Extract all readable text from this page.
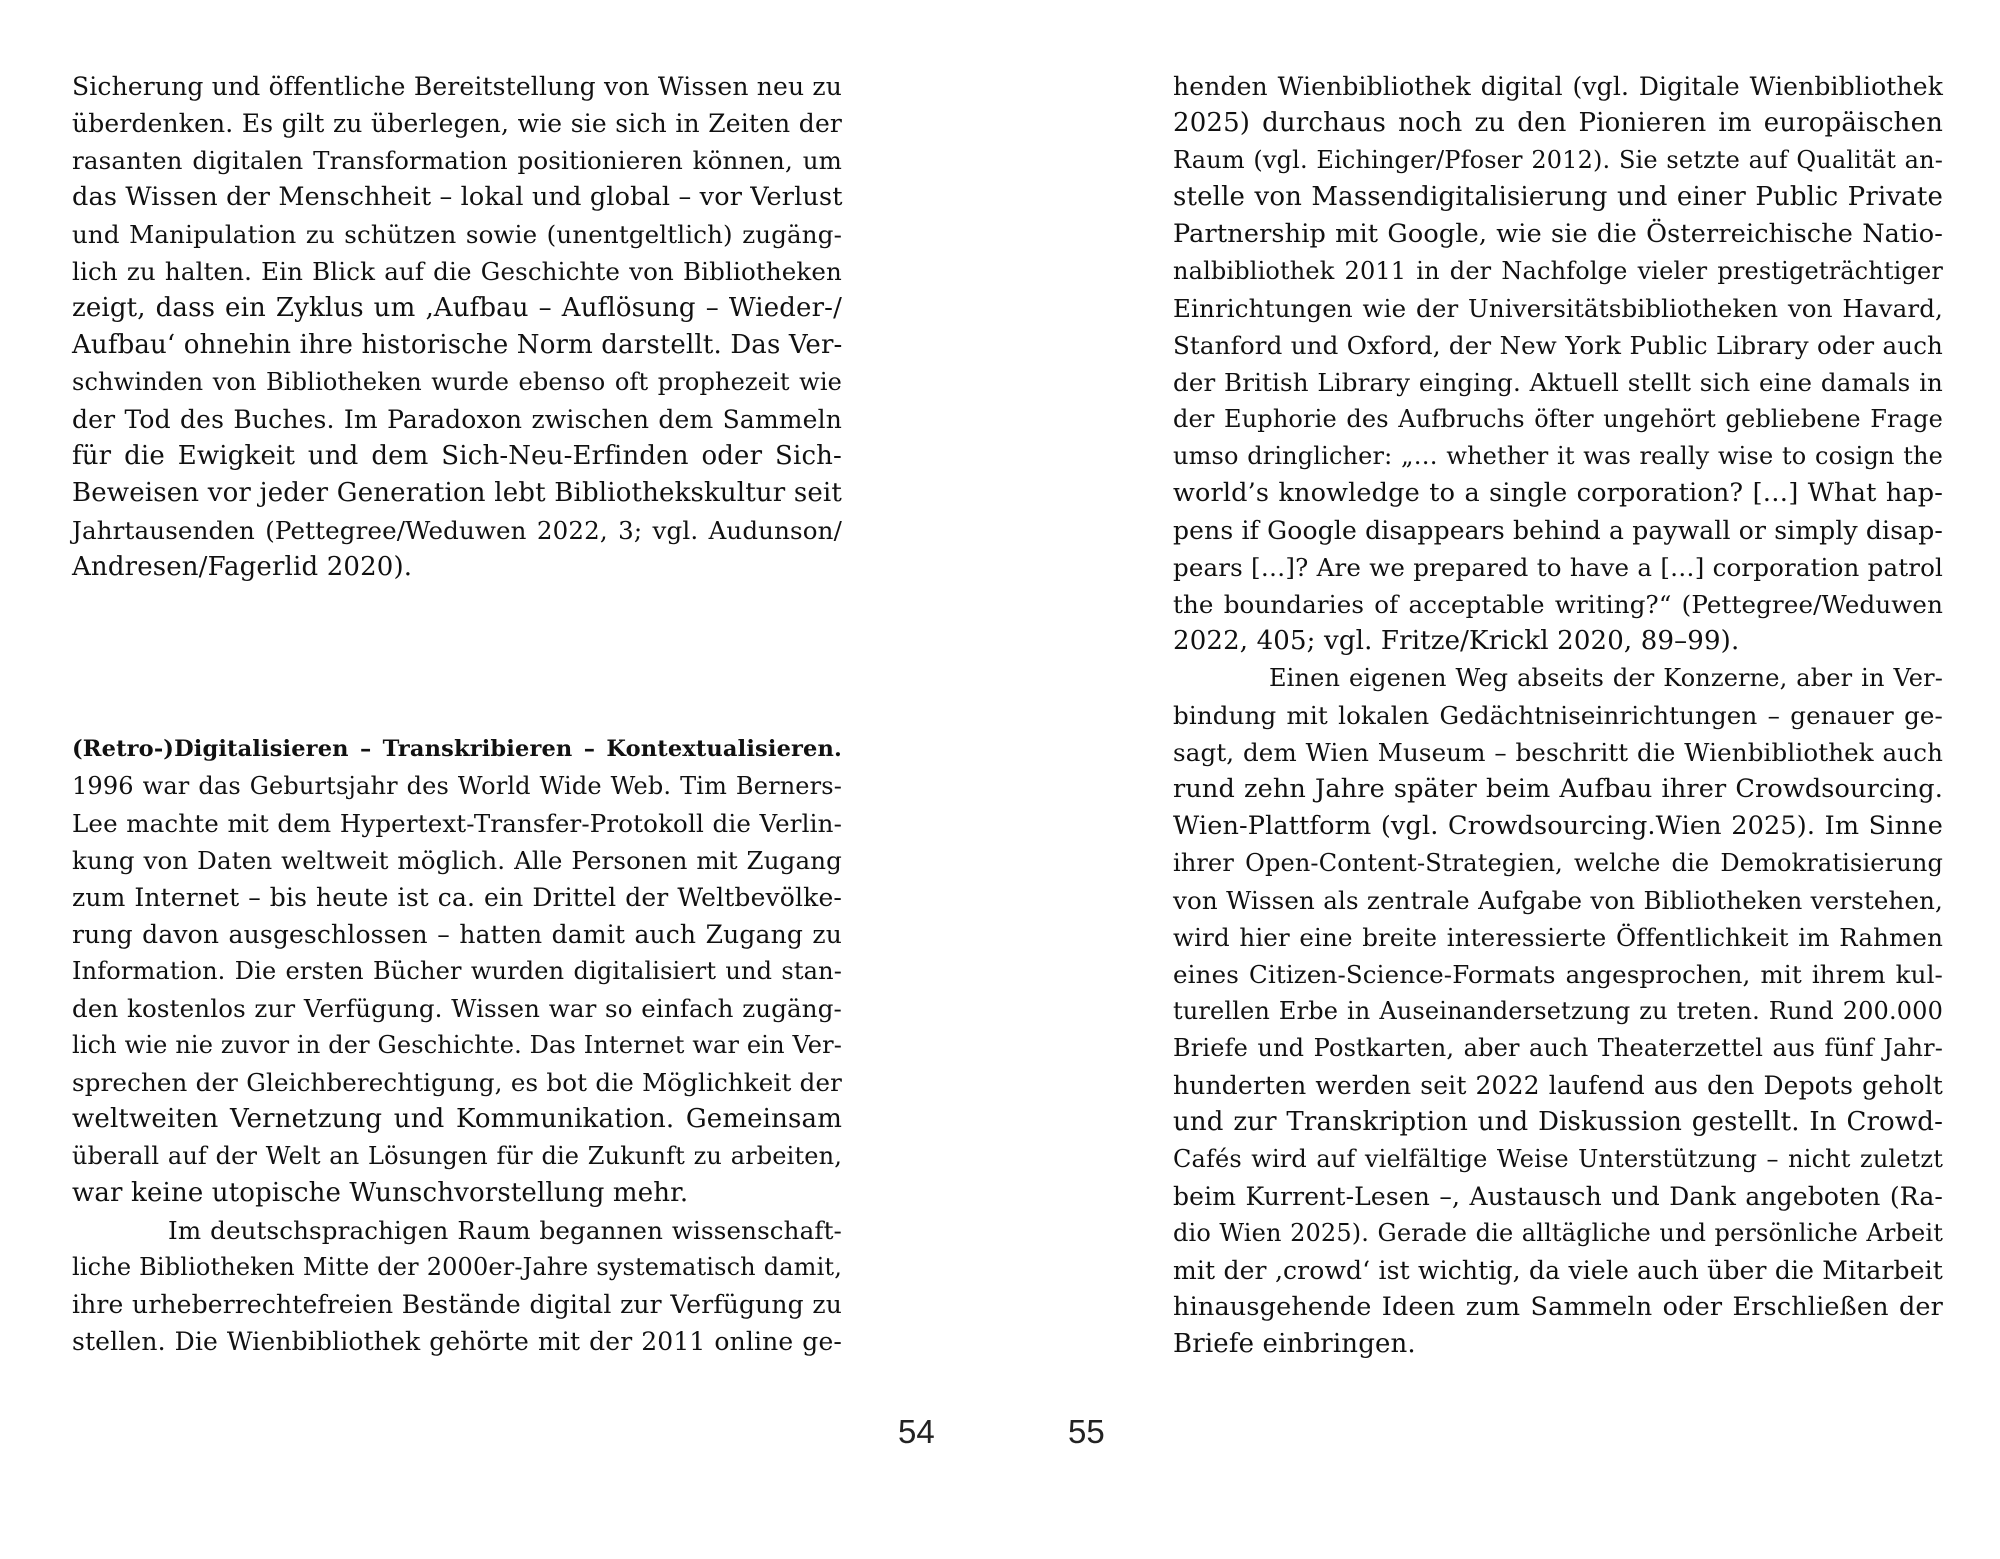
Sicherung und öffentliche Bereitstellung von Wissen neu zu
überdenken. Es gilt zu überlegen, wie sie sich in Zeiten der
rasanten digitalen Transformation positionieren können, um
das Wissen der Menschheit – lokal und global – vor Verlust
und Manipulation zu schützen sowie (unentgeltlich) zugäng-
lich zu halten. Ein Blick auf die Geschichte von Bibliotheken
zeigt, dass ein Zyklus um ‚Aufbau – Auflösung – Wieder-/
Aufbau‘ ohnehin ihre historische Norm darstellt. Das Ver-
schwinden von Bibliotheken wurde ebenso oft prophezeit wie
der Tod des Buches. Im Paradoxon zwischen dem Sammeln
für die Ewigkeit und dem Sich-Neu-Erfinden oder Sich-
Beweisen vor jeder Generation lebt Bibliothekskultur seit
Jahrtausenden (Pettegree/Weduwen 2022, 3; vgl. Audunson/
Andresen/Fagerlid 2020).
(Retro-)Digitalisieren – Transkribieren – Kontextualisieren.
1996 war das Geburtsjahr des World Wide Web. Tim Berners-
Lee machte mit dem Hypertext-Transfer-Protokoll die Verlin-
kung von Daten weltweit möglich. Alle Personen mit Zugang
zum Internet – bis heute ist ca. ein Drittel der Weltbevölke-
rung davon ausgeschlossen – hatten damit auch Zugang zu
Information. Die ersten Bücher wurden digitalisiert und stan-
den kostenlos zur Verfügung. Wissen war so einfach zugäng-
lich wie nie zuvor in der Geschichte. Das Internet war ein Ver-
sprechen der Gleichberechtigung, es bot die Möglichkeit der
weltweiten Vernetzung und Kommunikation. Gemeinsam
überall auf der Welt an Lösungen für die Zukunft zu arbeiten,
war keine utopische Wunschvorstellung mehr.
Im deutschsprachigen Raum begannen wissenschaft-
liche Bibliotheken Mitte der 2000er-Jahre systematisch damit,
ihre urheberrechtefreien Bestände digital zur Verfügung zu
stellen. Die Wienbibliothek gehörte mit der 2011 online ge-
54
henden Wienbibliothek digital (vgl. Digitale Wienbibliothek
2025) durchaus noch zu den Pionieren im europäischen
Raum (vgl. Eichinger/Pfoser 2012). Sie setzte auf Qualität an-
stelle von Massendigitalisierung und einer Public Private
Partnership mit Google, wie sie die Österreichische Natio-
nalbibliothek 2011 in der Nachfolge vieler prestigeträchtiger
Einrichtungen wie der Universitätsbibliotheken von Havard,
Stanford und Oxford, der New York Public Library oder auch
der British Library einging. Aktuell stellt sich eine damals in
der Euphorie des Aufbruchs öfter ungehört gebliebene Frage
umso dringlicher: „… whether it was really wise to cosign the
world’s knowledge to a single corporation? […] What hap-
pens if Google disappears behind a paywall or simply disap-
pears […]? Are we prepared to have a […] corporation patrol
the boundaries of acceptable writing?“ (Pettegree/Weduwen
2022, 405; vgl. Fritze/Krickl 2020, 89–99).
Einen eigenen Weg abseits der Konzerne, aber in Ver-
bindung mit lokalen Gedächtniseinrichtungen – genauer ge-
sagt, dem Wien Museum – beschritt die Wienbibliothek auch
rund zehn Jahre später beim Aufbau ihrer Crowdsourcing.
Wien-Plattform (vgl. Crowdsourcing.Wien 2025). Im Sinne
ihrer Open-Content-Strategien, welche die Demokratisierung
von Wissen als zentrale Aufgabe von Bibliotheken verstehen,
wird hier eine breite interessierte Öffentlichkeit im Rahmen
eines Citizen-Science-Formats angesprochen, mit ihrem kul-
turellen Erbe in Auseinandersetzung zu treten. Rund 200.000
Briefe und Postkarten, aber auch Theaterzettel aus fünf Jahr-
hunderten werden seit 2022 laufend aus den Depots geholt
und zur Transkription und Diskussion gestellt. In Crowd-
Cafés wird auf vielfältige Weise Unterstützung – nicht zuletzt
beim Kurrent-Lesen –, Austausch und Dank angeboten (Ra-
dio Wien 2025). Gerade die alltägliche und persönliche Arbeit
mit der ‚crowd‘ ist wichtig, da viele auch über die Mitarbeit
hinausgehende Ideen zum Sammeln oder Erschließen der
Briefe einbringen.
55
